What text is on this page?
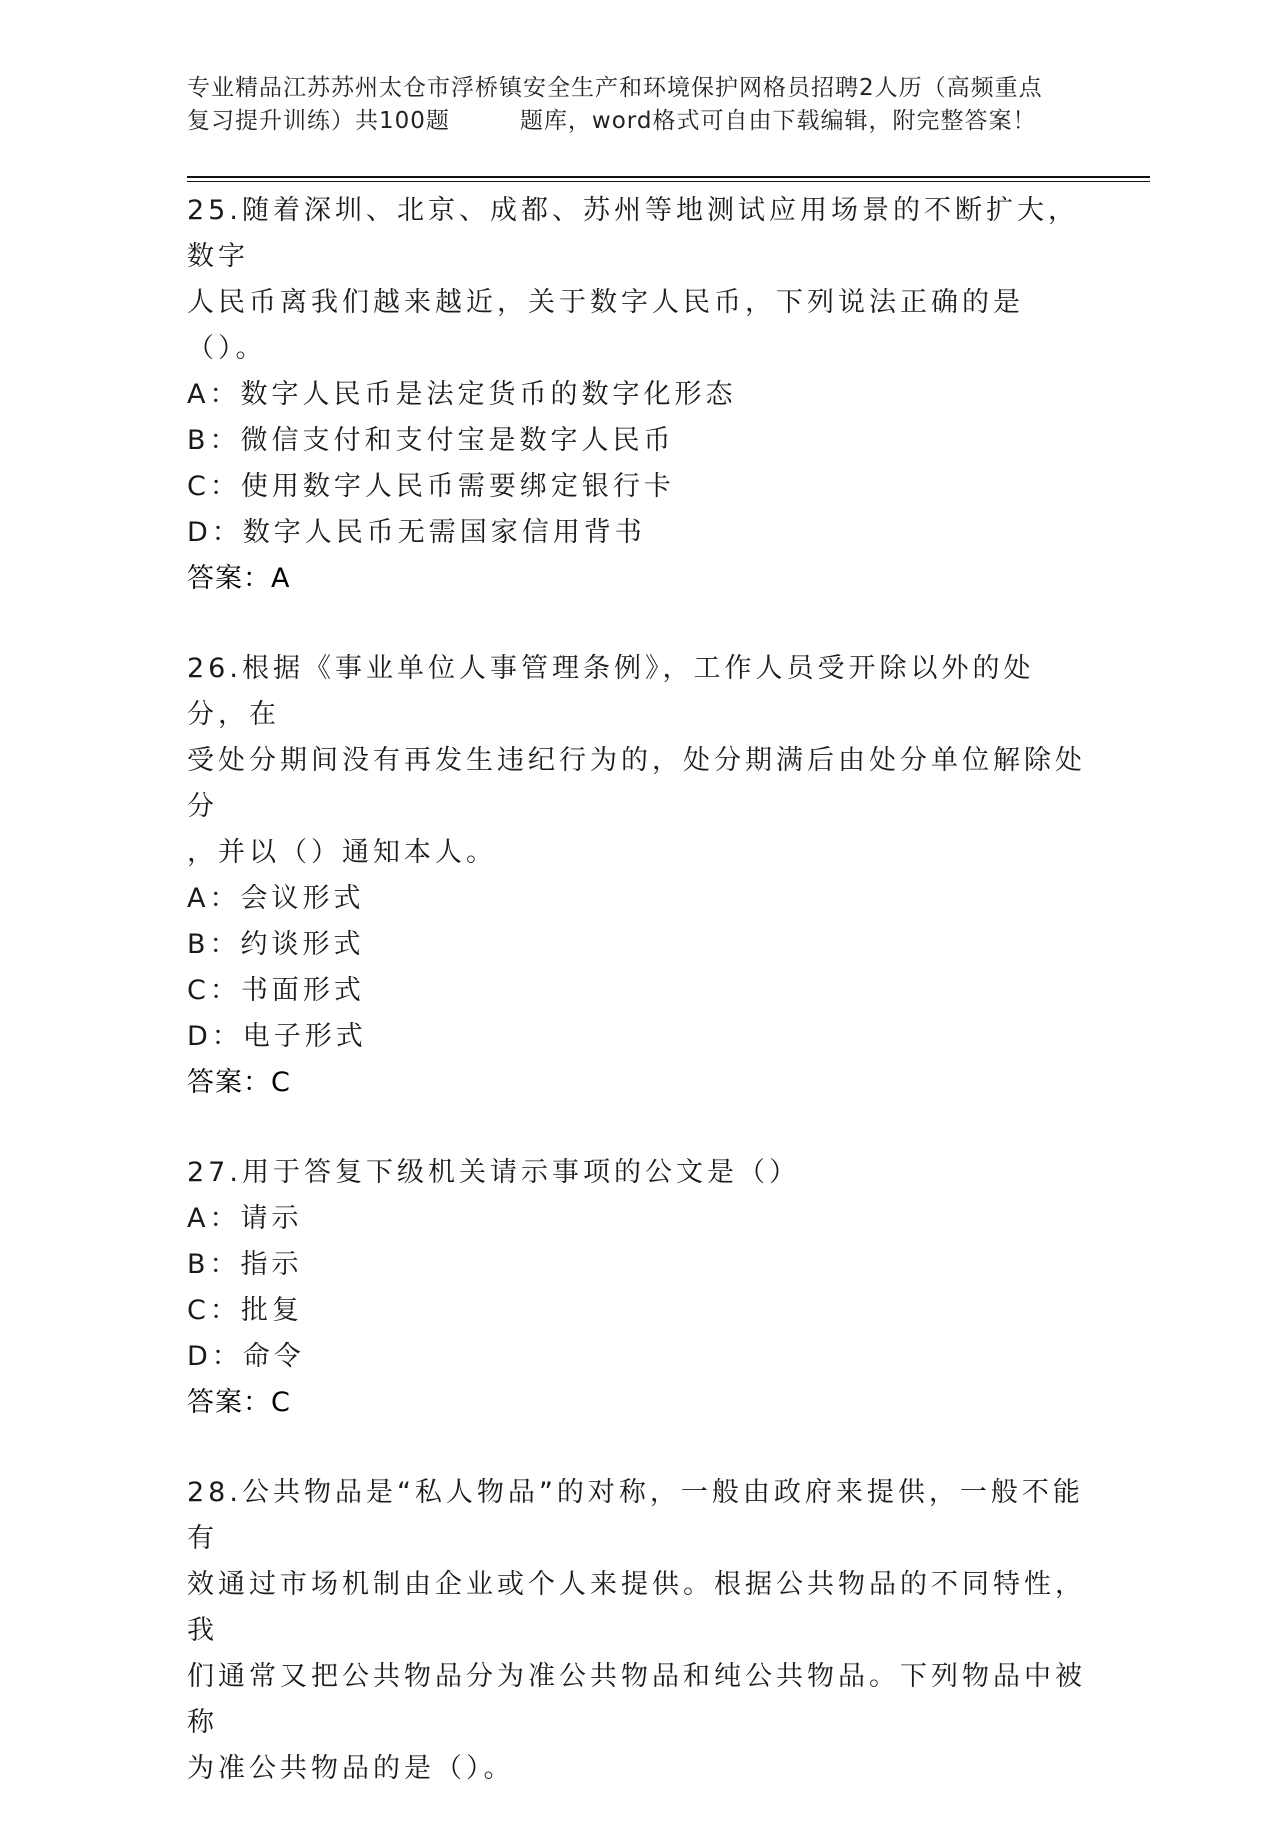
专业精品江苏苏州太仓市浮桥镇安全生产和环境保护网格员招聘2人历（高频重点
复习提升训练）共100题	题库，word格式可自由下载编辑，附完整答案！
25.随着深圳、北京、成都、苏州等地测试应用场景的不断扩大，数字
人民币离我们越来越近，关于数字人民币，下列说法正确的是（）。
A：数字人民币是法定货币的数字化形态
B：微信支付和支付宝是数字人民币
C：使用数字人民币需要绑定银行卡
D：数字人民币无需国家信用背书
答案：A
26.根据《事业单位人事管理条例》，工作人员受开除以外的处分，在
受处分期间没有再发生违纪行为的，处分期满后由处分单位解除处分
，并以（）通知本人。
A：会议形式
B：约谈形式
C：书面形式
D：电子形式
答案：C
27.用于答复下级机关请示事项的公文是（）
A：请示
B：指示
C：批复
D：命令
答案：C
28.公共物品是“私人物品”的对称，一般由政府来提供，一般不能有
效通过市场机制由企业或个人来提供。根据公共物品的不同特性，我
们通常又把公共物品分为准公共物品和纯公共物品。下列物品中被称
为准公共物品的是（）。
